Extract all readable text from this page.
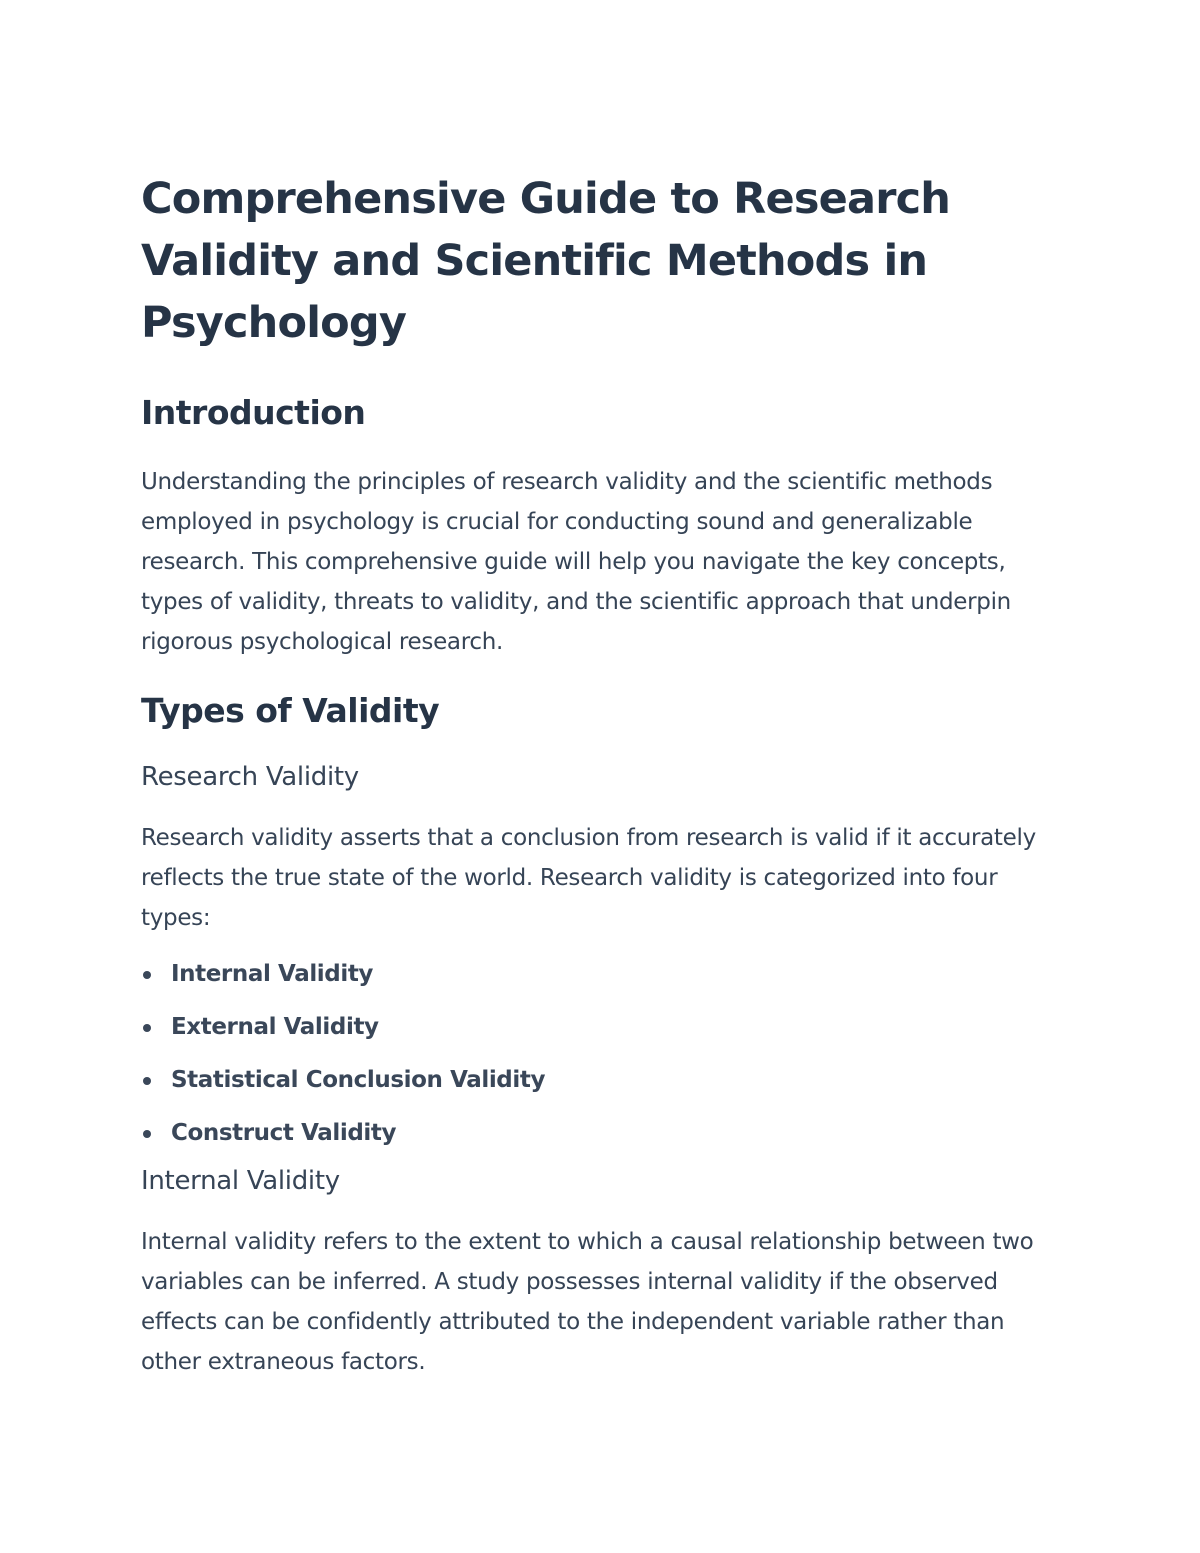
Comprehensive Guide to Research Validity and Scientific Methods in Psychology
Introduction

Understanding the principles of research validity and the scientific methods employed in psychology is crucial for conducting sound and generalizable research. This comprehensive guide will help you navigate the key concepts, types of validity, threats to validity, and the scientific approach that underpin rigorous psychological research.

Types of Validity
Research Validity

Research validity asserts that a conclusion from research is valid if it accurately reflects the true state of the world. Research validity is categorized into four types:

Internal Validity
External Validity
Statistical Conclusion Validity
Construct Validity
Internal Validity

Internal validity refers to the extent to which a causal relationship between two variables can be inferred. A study possesses internal validity if the observed effects can be confidently attributed to the independent variable rather than other extraneous factors.
